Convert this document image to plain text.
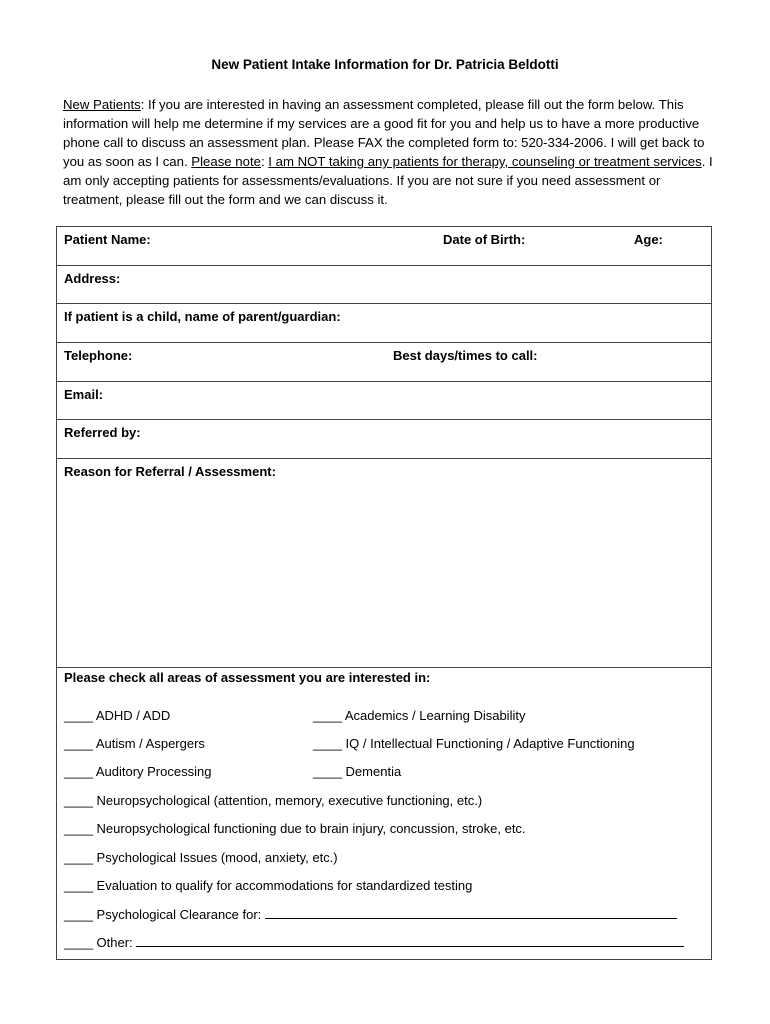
New Patient Intake Information for Dr. Patricia Beldotti
New Patients: If you are interested in having an assessment completed, please fill out the form below. This information will help me determine if my services are a good fit for you and help us to have a more productive phone call to discuss an assessment plan. Please FAX the completed form to: 520-334-2006. I will get back to you as soon as I can. Please note: I am NOT taking any patients for therapy, counseling or treatment services. I am only accepting patients for assessments/evaluations. If you are not sure if you need assessment or treatment, please fill out the form and we can discuss it.
Patient Name:	Date of Birth:	Age:
Address:
If patient is a child, name of parent/guardian:
Telephone:	Best days/times to call:
Email:
Referred by:
Reason for Referral / Assessment:
Please check all areas of assessment you are interested in:
____ ADHD / ADD	____ Academics / Learning Disability
____ Autism / Aspergers	____ IQ / Intellectual Functioning / Adaptive Functioning
____ Auditory Processing	____ Dementia
____ Neuropsychological (attention, memory, executive functioning, etc.)
____ Neuropsychological functioning due to brain injury, concussion, stroke, etc.
____ Psychological Issues (mood, anxiety, etc.)
____ Evaluation to qualify for accommodations for standardized testing
____ Psychological Clearance for:
____ Other:
